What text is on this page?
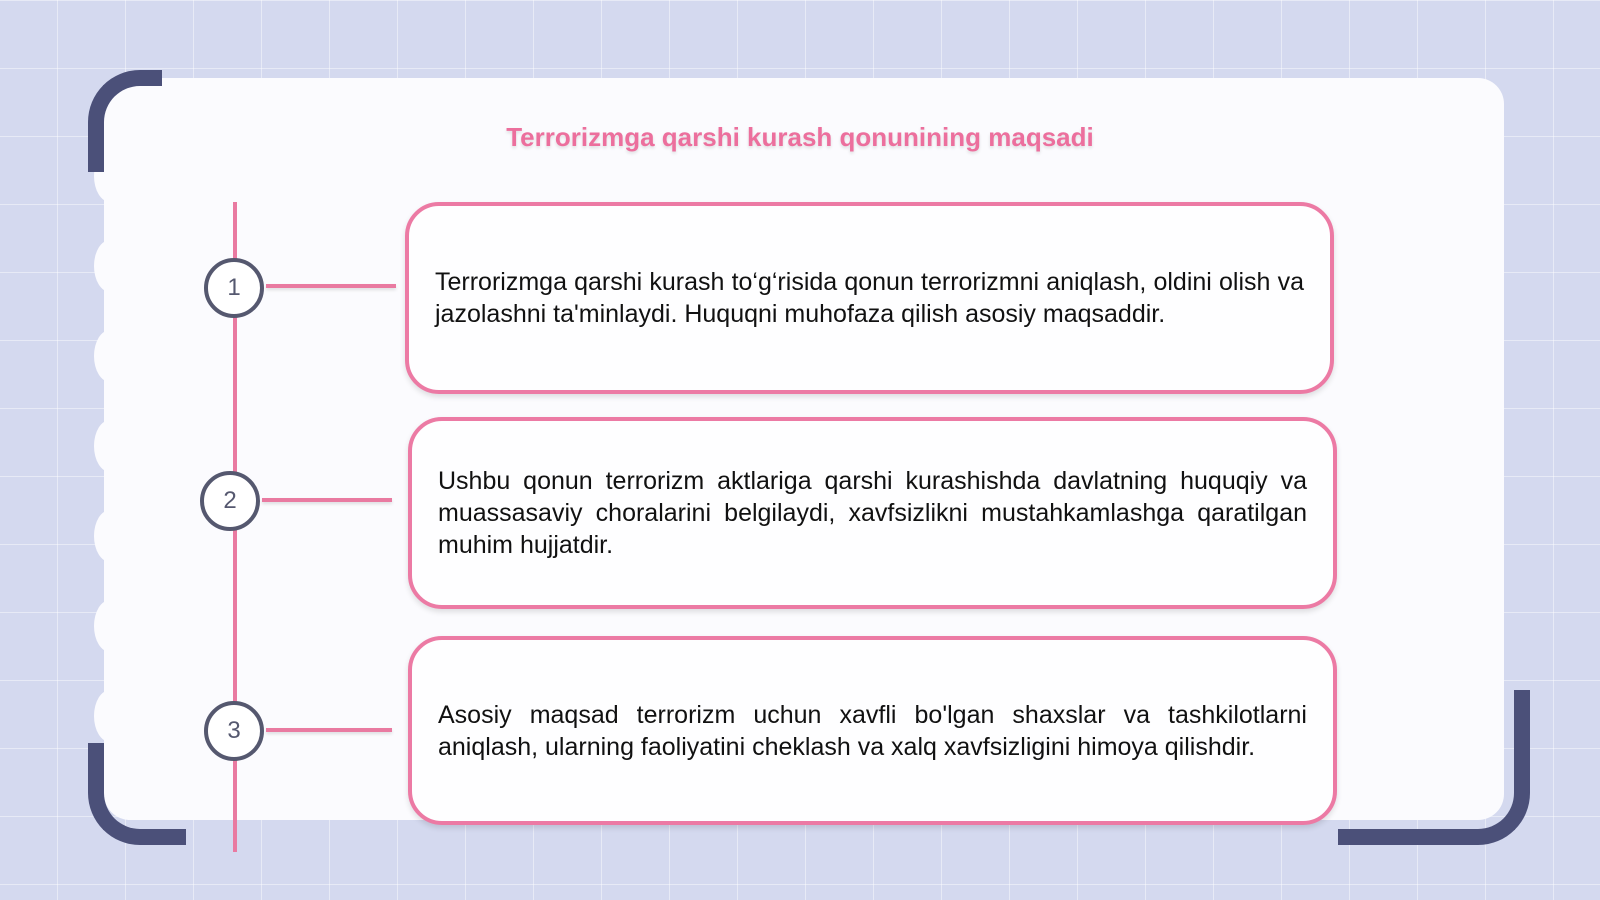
Terrorizmga qarshi kurash qonunining maqsadi
1	Terrorizmga qarshi kurash to‘g‘risida qonun terrorizmni aniqlash, oldini olish va jazolashni ta'minlaydi. Huquqni muhofaza qilish asosiy maqsaddir.

2

Ushbu qonun terrorizm aktlariga qarshi kurashishda davlatning huquqiy va muassasaviy choralarini belgilaydi, xavfsizlikni mustahkamlashga qaratilgan muhim hujjatdir.

3

Asosiy maqsad terrorizm uchun xavfli bo'lgan shaxslar va tashkilotlarni aniqlash, ularning faoliyatini cheklash va xalq xavfsizligini himoya qilishdir.
